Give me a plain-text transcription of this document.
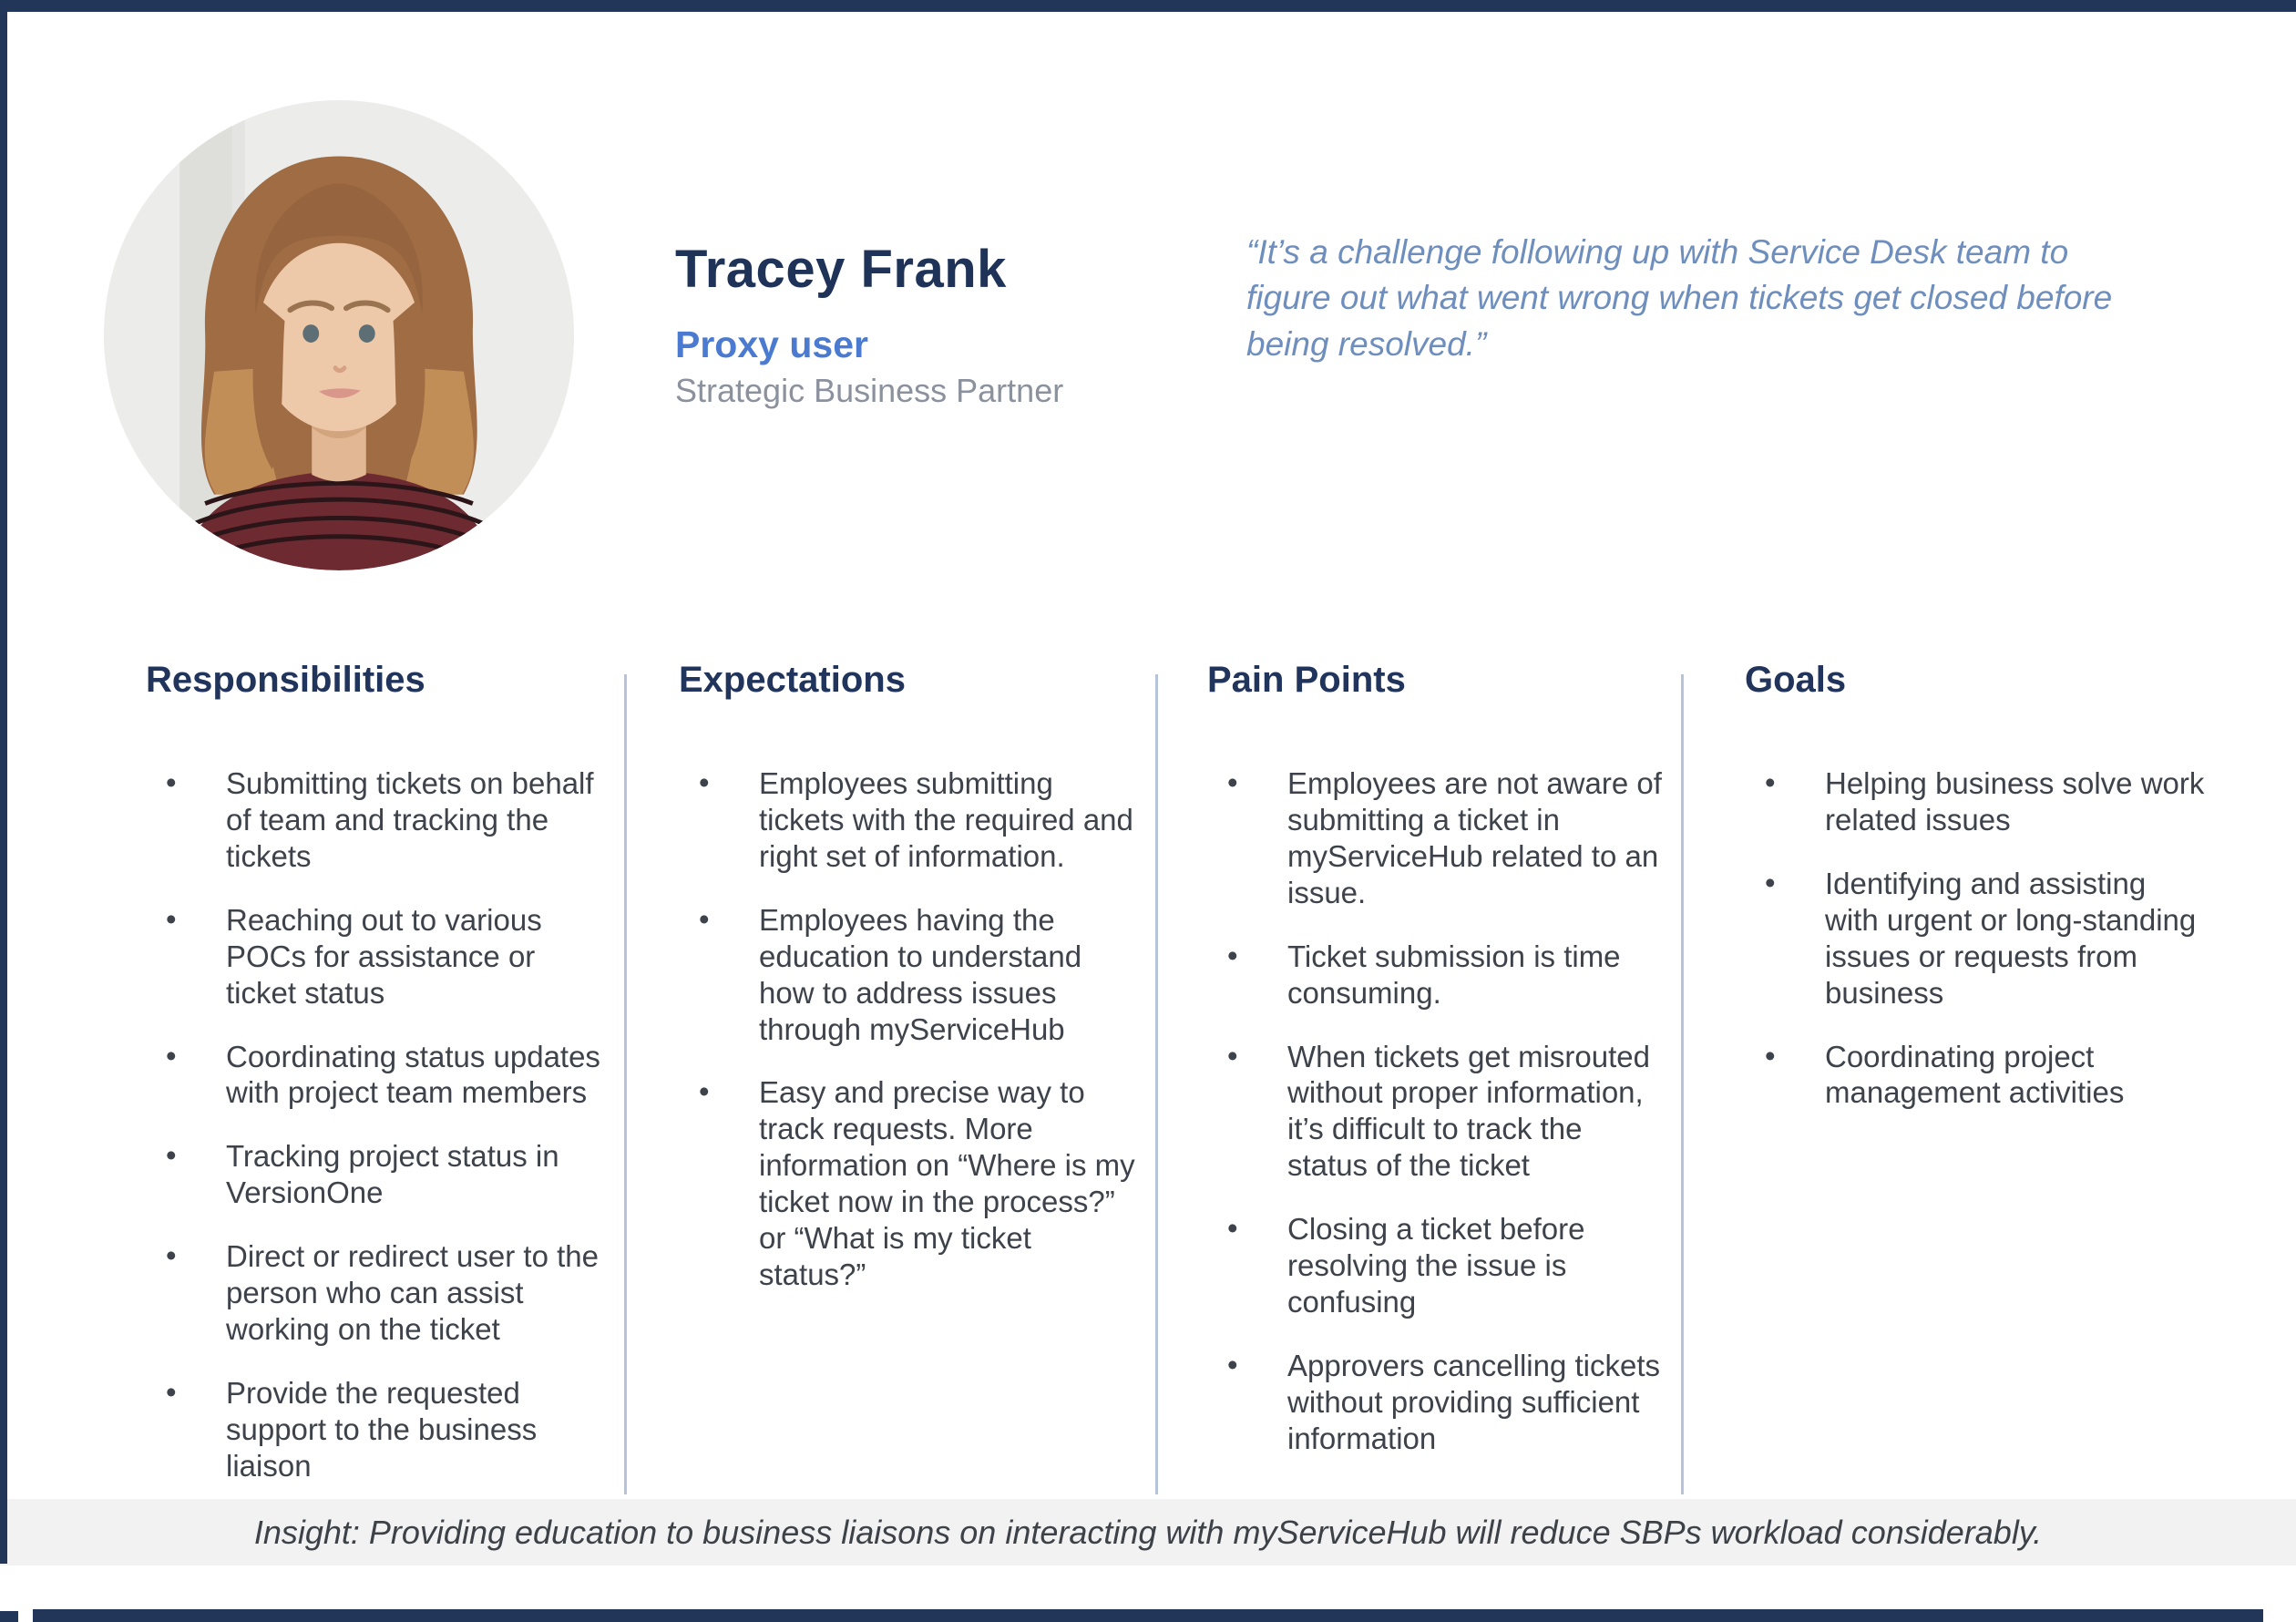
Tracey Frank
Proxy user
Strategic Business Partner
“It’s a challenge following up with Service Desk team to figure out what went wrong when tickets get closed before being resolved.”
Responsibilities
• Submitting tickets on behalf of team and tracking the tickets
• Reaching out to various POCs for assistance or ticket status
• Coordinating status updates with project team members
• Tracking project status in VersionOne
• Direct or redirect user to the person who can assist working on the ticket
• Provide the requested support to the business liaison
Expectations
• Employees submitting tickets with the required and right set of information.
• Employees having the education to understand how to address issues through myServiceHub
• Easy and precise way to track requests. More information on “Where is my ticket now in the process?” or “What is my ticket status?”
Pain Points
• Employees are not aware of submitting a ticket in myServiceHub related to an issue.
• Ticket submission is time consuming.
• When tickets get misrouted without proper information, it’s difficult to track the status of the ticket
• Closing a ticket before resolving the issue is confusing
• Approvers cancelling tickets without providing sufficient information
Goals
• Helping business solve work related issues
• Identifying and assisting with urgent or long-standing issues or requests from business
• Coordinating project management activities
Insight: Providing education to business liaisons on interacting with myServiceHub will reduce SBPs workload considerably.
